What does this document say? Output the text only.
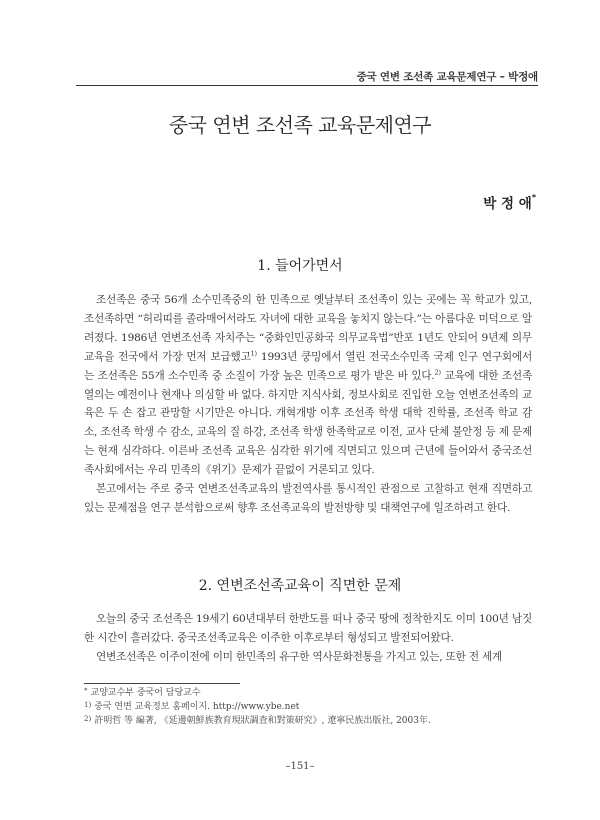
중국 연변 조선족 교육문제연구 – 박정애
중국 연변 조선족 교육문제연구
박 정 애*
1. 들어가면서

조선족은 중국 56개 소수민족중의 한 민족으로 옛날부터 조선족이 있는 곳에는 꼭 학교가 있고, 조선족하면 “허리띠를 졸라매어서라도 자녀에 대한 교육을 놓치지 않는다.”는 아름다운 미덕으로 알려졌다. 1986년 연변조선족 자치주는 “중화인민공화국 의무교육법”반포 1년도 안되어 9년제 의무교육을 전국에서 가장 먼저 보급했고$^{1)}$ 1993년 쿵밍에서 열린 전국소수민족 국제 인구 연구회에서는 조선족은 55개 소수민족 중 소질이 가장 높은 민족으로 평가 받은 바 있다.$^{2)}$ 교육에 대한 조선족열의는 예전이나 현재나 의심할 바 없다. 하지만 지식사회, 정보사회로 진입한 오늘 연변조선족의 교육은 두 손 잡고 관망할 시기만은 아니다. 개혁개방 이후 조선족 학생 대학 진학률, 조선족 학교 감소, 조선족 학생 수 감소, 교육의 질 하강, 조선족 학생 한족학교로 이전, 교사 단체 불안정 등 제 문제는 현재 심각하다. 이른바 조선족 교육은 심각한 위기에 직면되고 있으며 근년에 들어와서 중국조선족사회에서는 우리 민족의《위기》문제가 끝없이 거론되고 있다.

본고에서는 주로 중국 연변조선족교육의 발전역사를 통시적인 관점으로 고찰하고 현재 직면하고 있는 문제점을 연구 분석함으로써 향후 조선족교육의 발전방향 및 대책연구에 일조하려고 한다.

2. 연변조선족교육이 직면한 문제

오늘의 중국 조선족은 19세기 60년대부터 한반도를 떠나 중국 땅에 정착한지도 이미 100년 남짓한 시간이 흘러갔다. 중국조선족교육은 이주한 이후로부터 형성되고 발전되어왔다.

연변조선족은 이주이전에 이미 한민족의 유구한 역사문화전통을 가지고 있는, 또한 전 세계

* 교양교수부 중국어 담당교수
$^{1)}$ 중국 연변 교육정보 홈페이지. http://www.ybe.net
$^{2)}$ 許明哲 等 編著, 《延邊朝鮮族教育現狀調査和對策研究》, 遼寧民族出版社, 2003年.
–151–
